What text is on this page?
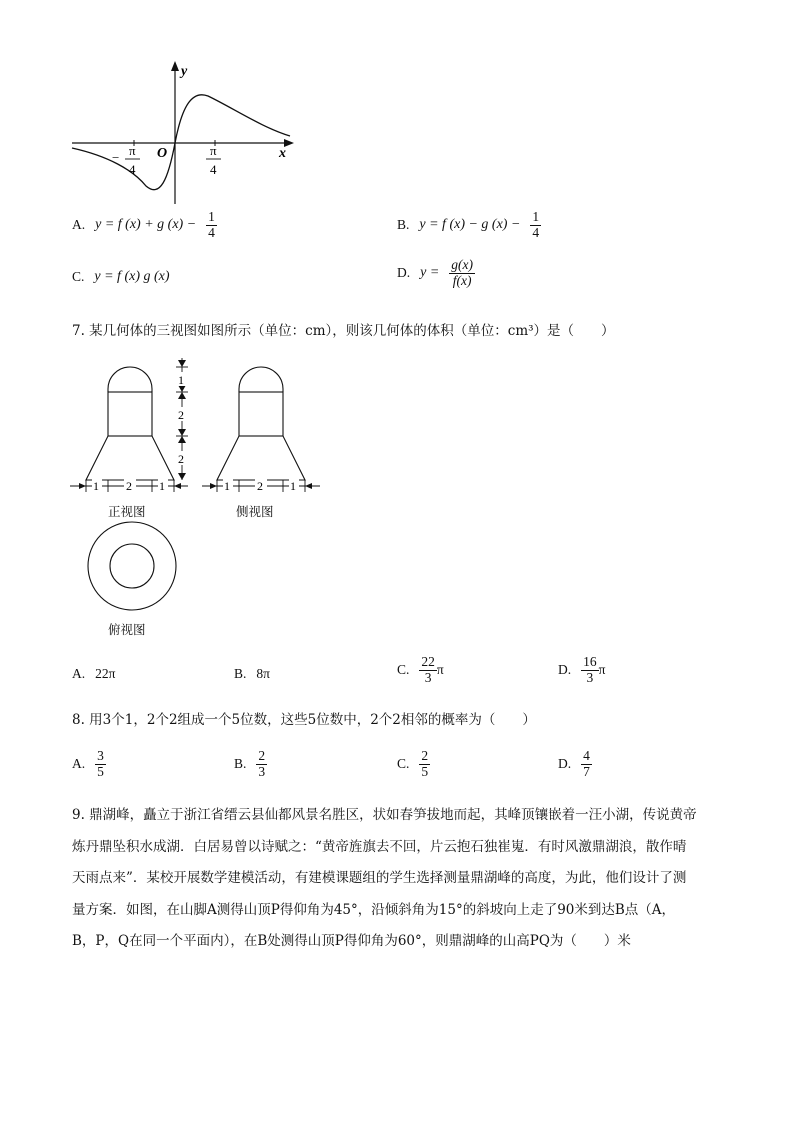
y
x
O
− π
4
π
4
A. y = f (x) + g $(x) - \frac{1}{4}$	B. y = f (x) − g $(x) - \frac{1}{4}$
C. y = f (x) g (x)	D. $y = \frac{g(x)}{f(x)}$
7. 某几何体的三视图如图所示（单位：cm），则该几何体的体积（单位：cm³）是（　　）
1 2 1
1
2
2
正视图
1 2 1
侧视图
俯视图
A. 22π	B. 8π	C. $\frac{22}{3}$ π	D. $\frac{16}{3}$ π
8. 用3个1，2个2组成一个5位数，这些5位数中，2个2相邻的概率为（　　）
A. $\frac{3}{5}$	B. $\frac{2}{3}$	C. $\frac{2}{5}$	D. $\frac{4}{7}$
9. 鼎湖峰，矗立于浙江省缙云县仙都风景名胜区，状如春笋拔地而起，其峰顶镶嵌着一汪小湖，传说黄帝
炼丹鼎坠积水成湖．白居易曾以诗赋之：“黄帝旌旗去不回，片云抱石独崔嵬．有时风激鼎湖浪，散作晴
天雨点来”．某校开展数学建模活动，有建模课题组的学生选择测量鼎湖峰的高度，为此，他们设计了测
量方案．如图，在山脚A测得山顶P得仰角为45°，沿倾斜角为15°的斜坡向上走了90米到达B点（A，
B，P，Q在同一个平面内），在B处测得山顶P得仰角为60°，则鼎湖峰的山高PQ为（　　）米
